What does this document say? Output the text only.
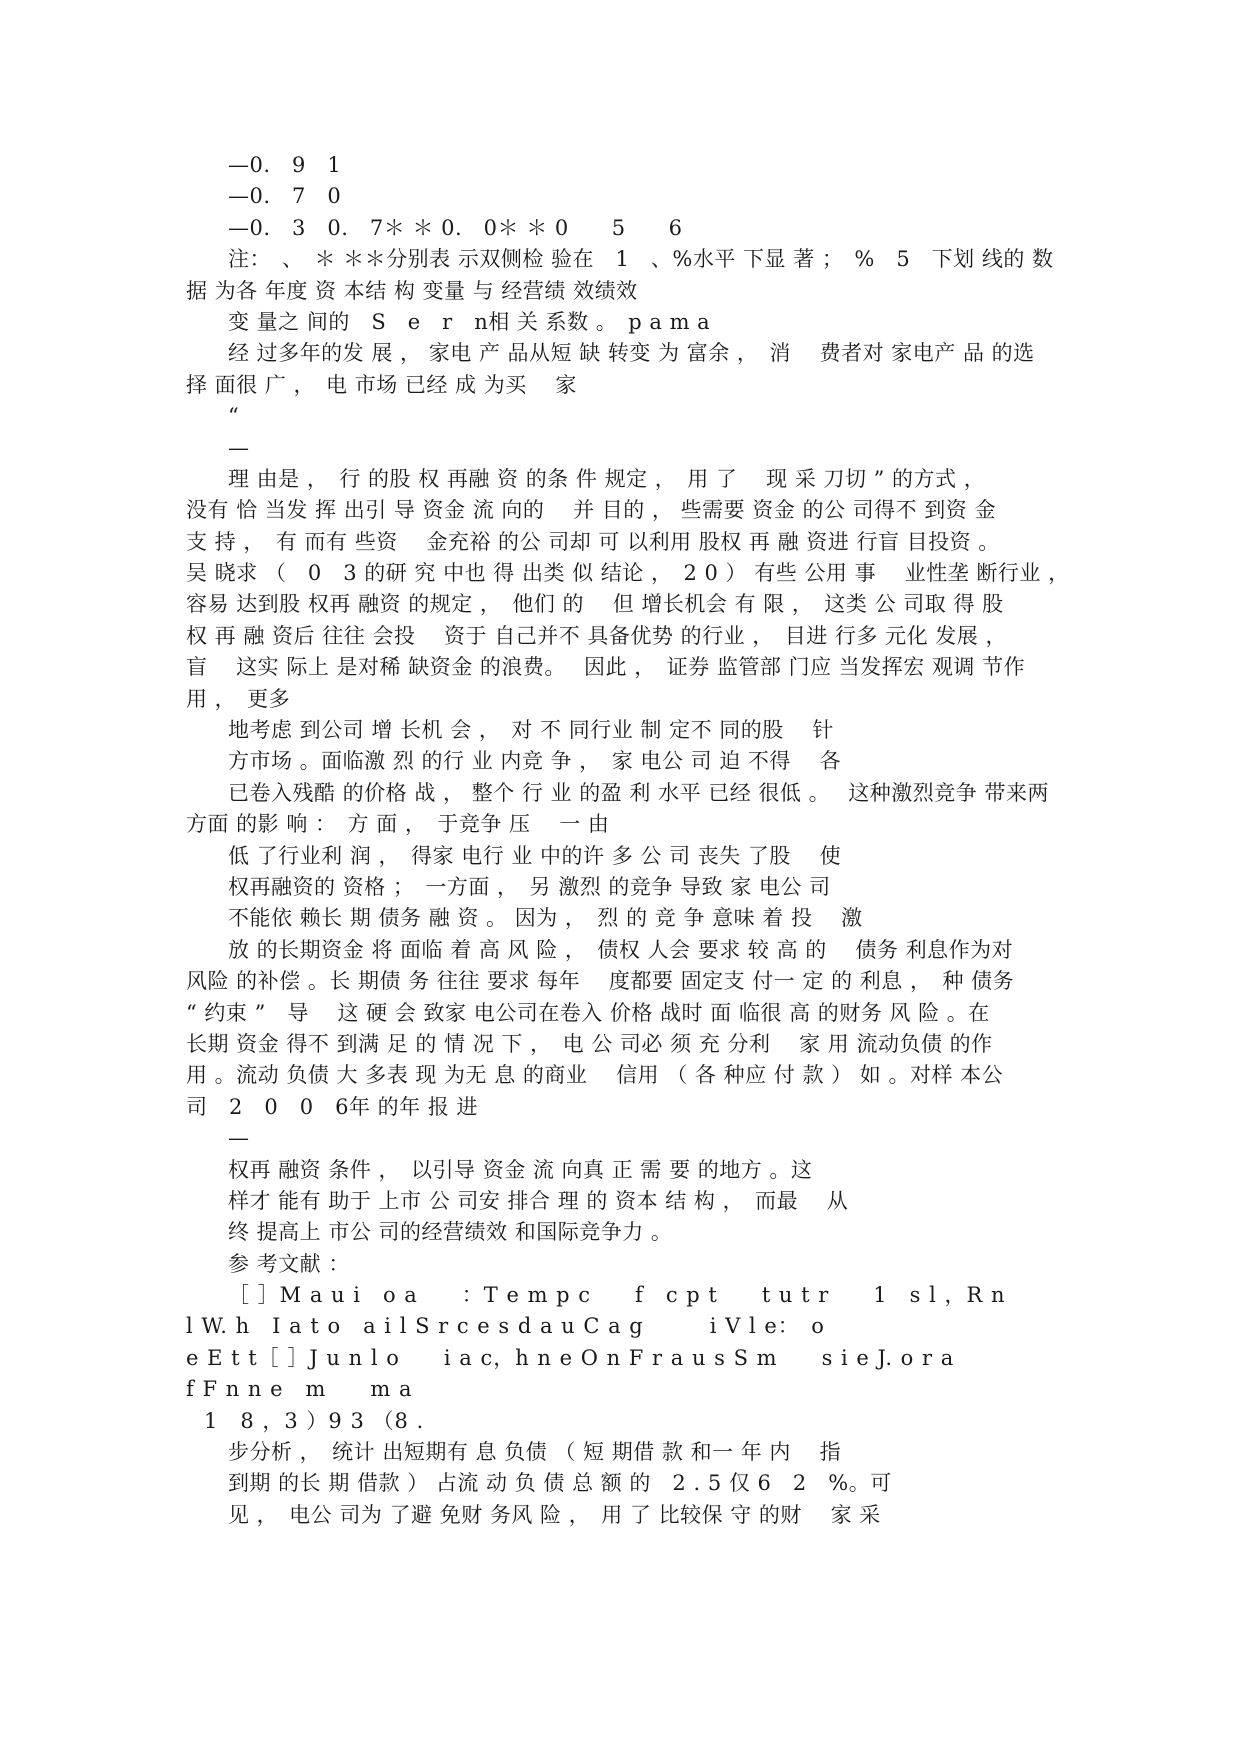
—0.　9　1
—0.　7　0
—0.　3　0.　7＊ ＊ 0.　0＊ ＊ 0　　5　　6
注：　、　＊ ＊＊分别表 示双侧检 验在　1　、%水平 下显 著 ；　%　5　下划 线的 数
据 为各 年度 资 本结 构 变量 与 经营绩 效绩效
变 量之 间的　S　e　r　n相 关 系数 。　p a m a
经 过多年的发 展 ， 家电 产 品从短 缺 转变 为 富余 ，　消　 费者对 家电产 品 的选
择 面很 广 ，　电 市场 已经 成 为买　 家
“
—
理 由是 ，　行 的股 权 再融 资 的条 件 规定 ，　用 了　 现 采 刀切 ” 的方式 ，
没有 恰 当发 挥 出引 导 资金 流 向的　 并 目的 ， 些需要 资金 的公 司得不 到资 金
支 持 ，　有 而有 些资　 金充裕 的公 司却 可 以利用 股权 再 融 资进 行盲 目投资 。
吴 晓求 （　0　3 的研 究 中也 得 出类 似 结论 ，　2 0 ） 有些 公用 事　 业性垄 断行业 ，
容易 达到股 权再 融资 的规定 ，　他们 的　 但 增长机会 有 限 ，　这类 公 司取 得 股
权 再 融 资后 往往 会投　 资于 自己并不 具备优势 的行业 ，　目进 行多 元化 发展 ，
盲　 这实 际上 是对稀 缺资金 的浪费。　 因此 ，　证券 监管部 门应 当发挥宏 观调 节作
用 ，　更多
地考虑 到公司 增 长机 会 ，　对 不 同行业 制 定不 同的股　 针
方市场 。面临激 烈 的行 业 内竞 争 ，　家 电公 司 迫 不得　 各
已卷入残酷 的价格 战 ， 整个 行 业 的盈 利 水平 已经 很低 。　 这种激烈竞争 带来两
方面 的影 响 ：　方 面 ，　于竞争 压　 一 由
低 了行业利 润 ，　得家 电行 业 中的许 多 公 司 丧失 了股　 使
权再融资的 资格 ；　一方面 ，　另 激烈 的竞争 导致 家 电公 司
不能依 赖长 期 债务 融 资 。 因为 ，　烈 的 竞 争 意味 着 投　 激
放 的长期资金 将 面临 着 高 风 险 ，　债权 人会 要求 较 高 的　 债务 利息作为对
风险 的补偿 。长 期债 务 往往 要求 每年　 度都要 固定支 付一 定 的 利息 ，　种 债务
“ 约束 ”　导　 这 硬 会 致家 电公司在卷入 价格 战时 面 临很 高 的财务 风 险 。在
长期 资金 得不 到满 足 的 情 况 下 ，　电 公 司必 须 充 分利　 家 用 流动负债 的作
用 。流动 负债 大 多表 现 为无 息 的商业　 信用 （ 各 种应 付 款 ） 如 。对样 本公
司　2　0　0　6年 的年 报 进
—
权再 融资 条件 ，　以引导 资金 流 向真 正 需 要 的地方 。这
样才 能有 助于 上市 公 司安 排合 理 的 资本 结 构 ，　而最　 从
终 提高上 市公 司的经营绩效 和国际竞争力 。
参 考文献 ：
［ ］M a u i　o a　　：T e m p c　　f　c p t　　t u t r　　1　s l ，R n
l W. h　I a t o　a i l S r c e s d a u C a g　　　i V l e：　o
e E t t［ ］J u n l o　　i a c，h n e O n F r a u s S m　　s i e J. o r a
f F n n e　m　　m a
1　8 ，3 ）9 3 （8 .
步分析 ，　统计 出短期有 息 负债 （ 短 期借 款 和一 年 内　 指
到期 的长 期 借款 ） 占流 动 负 债 总 额 的　2 . 5 仅 6　2　%。可
见 ，　电公 司为 了避 免财 务风 险 ，　用 了 比较保 守 的财　 家 采
